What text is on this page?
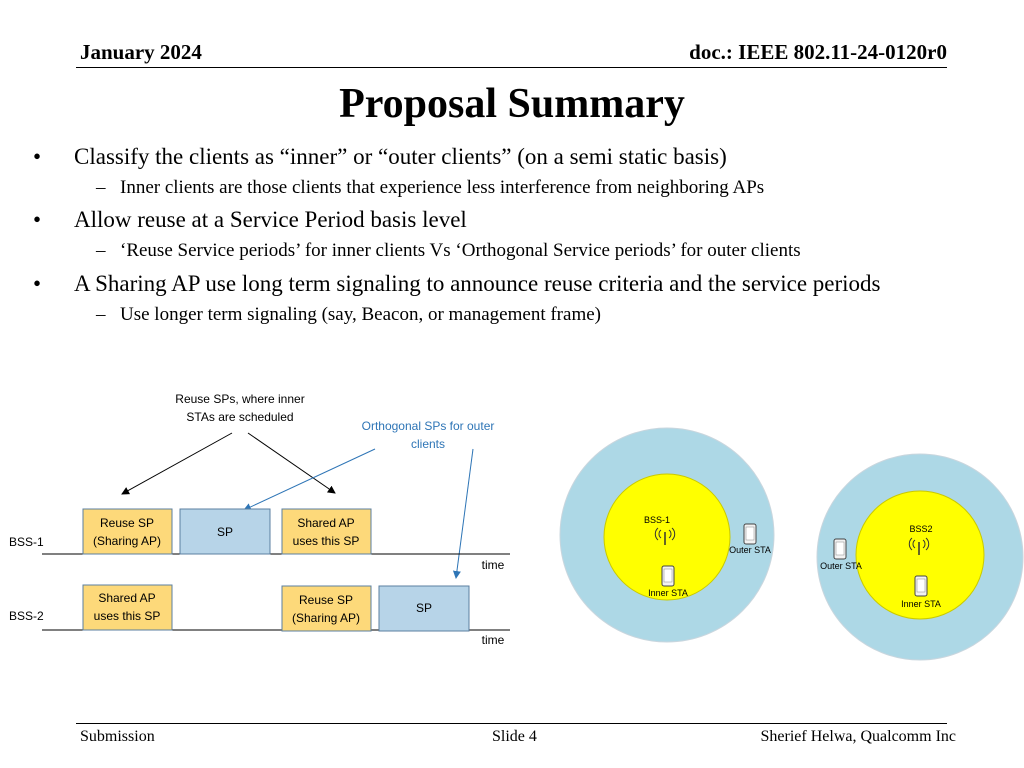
January 2024	doc.: IEEE 802.11-24-0120r0
Proposal Summary
• Classify the clients as “inner” or “outer clients” (on a semi static basis)
– Inner clients are those clients that experience less interference from neighboring APs
• Allow reuse at a Service Period basis level
– ‘Reuse Service periods’ for inner clients Vs ‘Orthogonal Service periods’ for outer clients
• A Sharing AP use long term signaling to announce reuse criteria and the service periods
– Use longer term signaling (say, Beacon, or management frame)
Reuse SPs, where inner
STAs are scheduled
Orthogonal SPs for outer
clients
BSS-1
Reuse SP
(Sharing AP)
SP
Shared AP
uses this SP
time
BSS-2
Shared AP
uses this SP
Reuse SP
(Sharing AP)
SP
time
BSS-1
Outer STA
Inner STA
BSS2
Outer STA
Inner STA
Submission	Slide 4	Sherief Helwa, Qualcomm Inc
